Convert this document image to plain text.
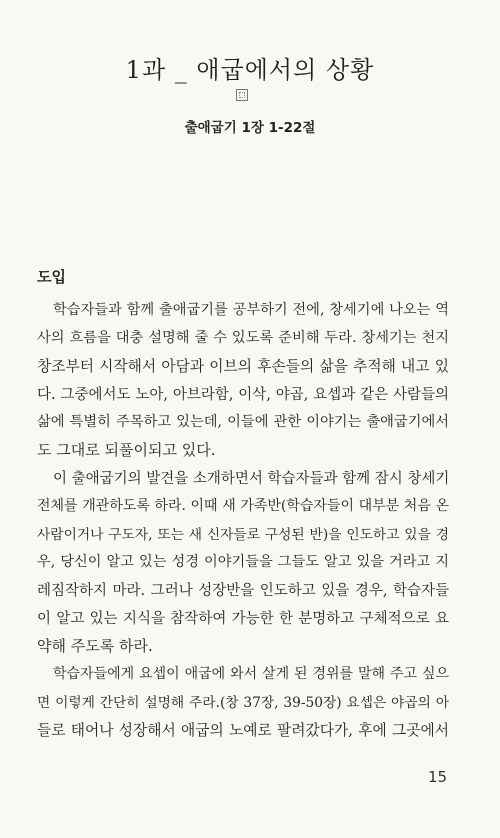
1과 _ 애굽에서의 상황
출애굽기 1장 1-22절
도입
학습자들과 함께 출애굽기를 공부하기 전에, 창세기에 나오는 역
사의 흐름을 대충 설명해 줄 수 있도록 준비해 두라. 창세기는 천지
창조부터 시작해서 아담과 이브의 후손들의 삶을 추적해 내고 있
다. 그중에서도 노아, 아브라함, 이삭, 야곱, 요셉과 같은 사람들의
삶에 특별히 주목하고 있는데, 이들에 관한 이야기는 출애굽기에서
도 그대로 되풀이되고 있다.
이 출애굽기의 발견을 소개하면서 학습자들과 함께 잠시 창세기
전체를 개관하도록 하라. 이때 새 가족반(학습자들이 대부분 처음 온
사람이거나 구도자, 또는 새 신자들로 구성된 반)을 인도하고 있을 경
우, 당신이 알고 있는 성경 이야기들을 그들도 알고 있을 거라고 지
레짐작하지 마라. 그러나 성장반을 인도하고 있을 경우, 학습자들
이 알고 있는 지식을 참작하여 가능한 한 분명하고 구체적으로 요
약해 주도록 하라.
학습자들에게 요셉이 애굽에 와서 살게 된 경위를 말해 주고 싶으
면 이렇게 간단히 설명해 주라.(창 37장, 39-50장) 요셉은 야곱의 아
들로 태어나 성장해서 애굽의 노예로 팔려갔다가, 후에 그곳에서
15
